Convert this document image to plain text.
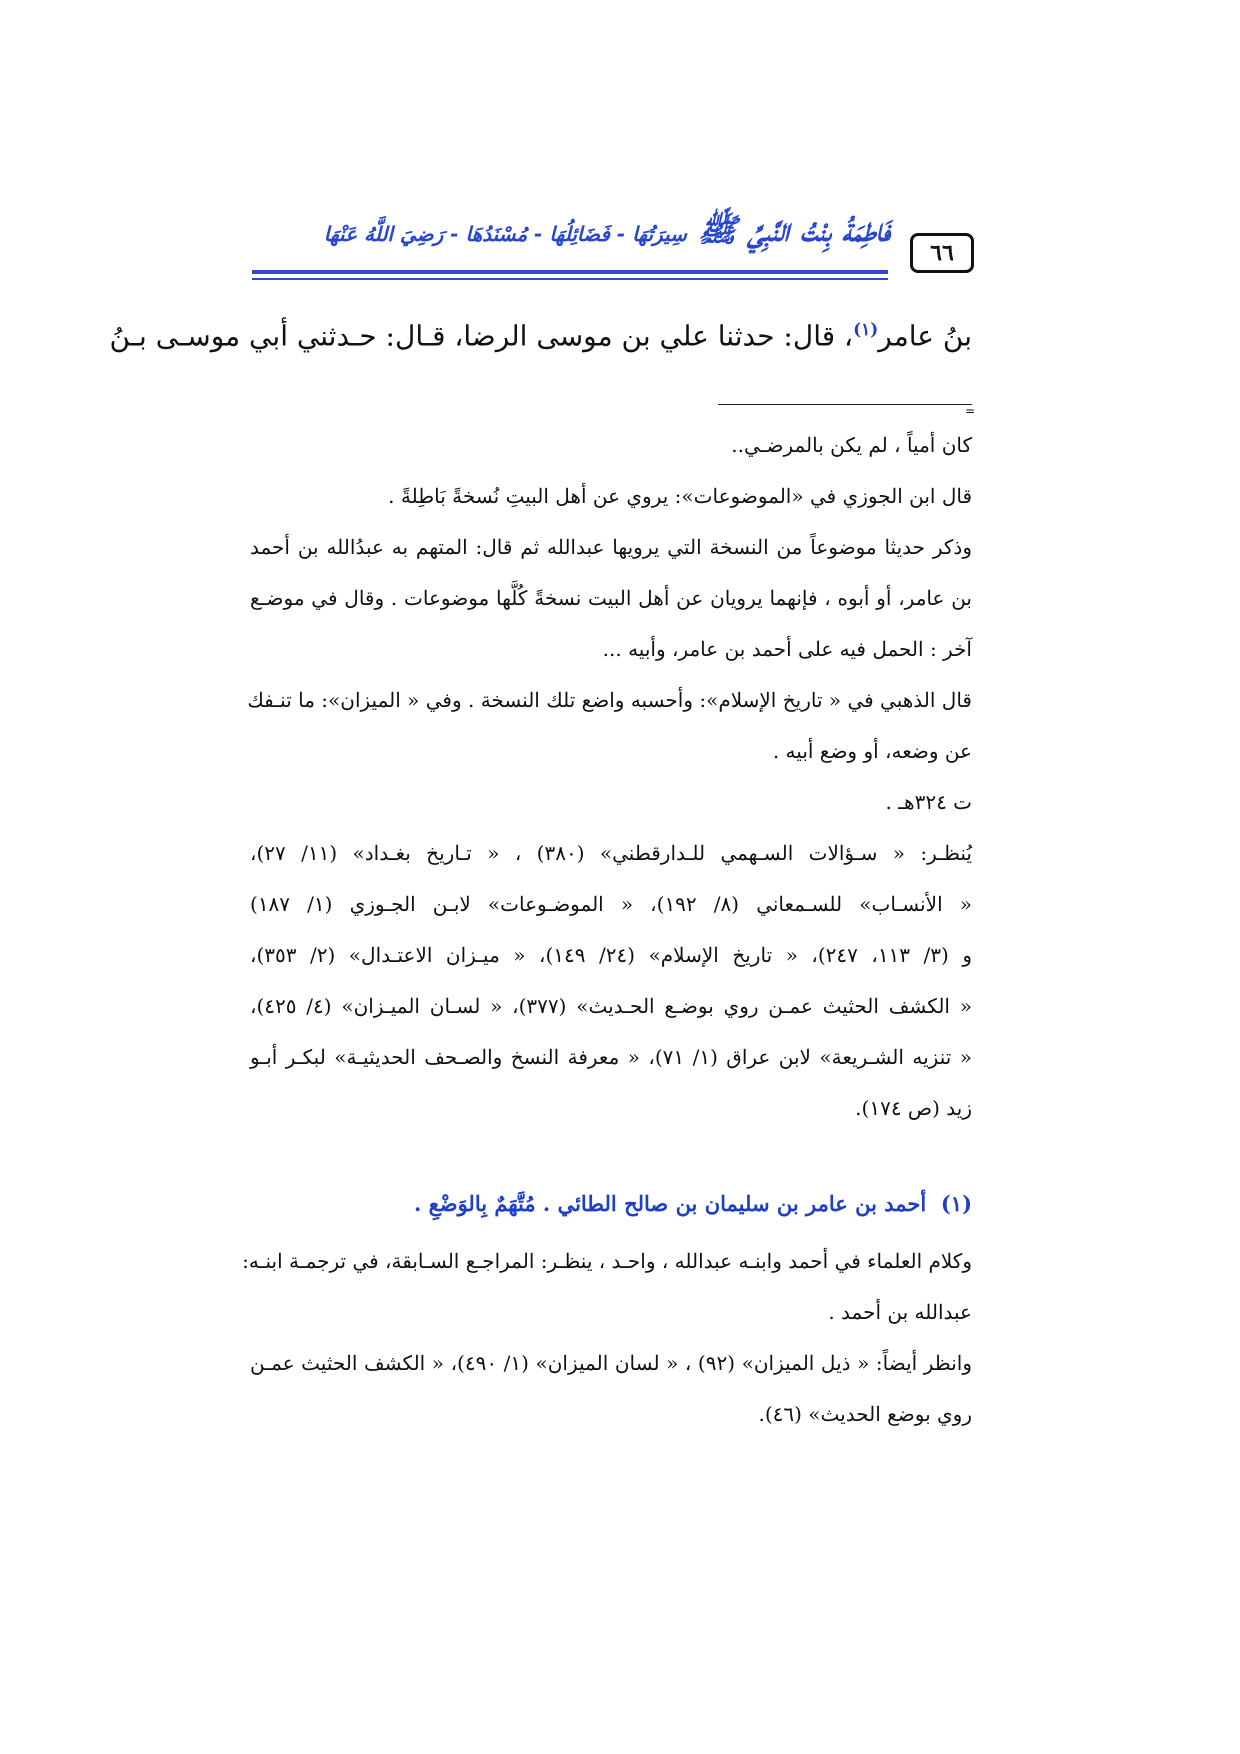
٦٦
فَاطِمَةُ بِنْتُ النَّبِيِّ ﷺ سِيرَتُهَا - فَضَائِلُهَا - مُسْنَدُهَا - رَضِيَ اللَّهُ عَنْهَا
بنُ عامر$^{(١)}$، قال: حدثنا علي بن موسى الرضا، قـال: حـدثني أبي موسـى بـنُ
=
كان أمياً ، لم يكن بالمرضـي..
قال ابن الجوزي في «الموضوعات»: يروي عن أهل البيتِ نُسخةً بَاطِلةً .
وذكر حديثا موضوعاً من النسخة التي يرويها عبدالله ثم قال: المتهم به عبدُالله بن أحمد
بن عامر، أو أبوه ، فإنهما يرويان عن أهل البيت نسخةً كُلَّها موضوعات . وقال في موضـع
آخر : الحمل فيه على أحمد بن عامر، وأبيه ...
قال الذهبي في « تاريخ الإسلام»: وأحسبه واضع تلك النسخة . وفي « الميزان»: ما تنـفك
عن وضعه، أو وضع أبيه .
ت ٣٢٤هـ .
يُنظـر: « سـؤالات السـهمي للـدارقطني» (٣٨٠) ، « تـاريخ بغـداد» (١١/ ٢٧)،
« الأنسـاب» للسـمعاني (٨/ ١٩٢)، « الموضـوعات» لابـن الجـوزي (١/ ١٨٧)
و (٣/ ١١٣، ٢٤٧)، « تاريخ الإسلام» (٢٤/ ١٤٩)، « ميـزان الاعتـدال» (٢/ ٣٥٣)،
« الكشف الحثيث عمـن روي بوضـع الحـديث» (٣٧٧)، « لسـان الميـزان» (٤/ ٤٢٥)،
« تنزيه الشـريعة» لابن عراق (١/ ٧١)، « معرفة النسخ والصـحف الحديثيـة» لبكـر أبـو
زيد (ص ١٧٤).
(١)  أحمد بن عامر بن سليمان بن صالح الطائي . مُتَّهَمٌ بِالوَضْعِ .
وكلام العلماء في أحمد وابنـه عبدالله ، واحـد ، ينظـر: المراجـع السـابقة، في ترجمـة ابنـه:
عبدالله بن أحمد .
وانظر أيضاً: « ذيل الميزان» (٩٢) ، « لسان الميزان» (١/ ٤٩٠)، « الكشف الحثيث عمـن
روي بوضع الحديث» (٤٦).
